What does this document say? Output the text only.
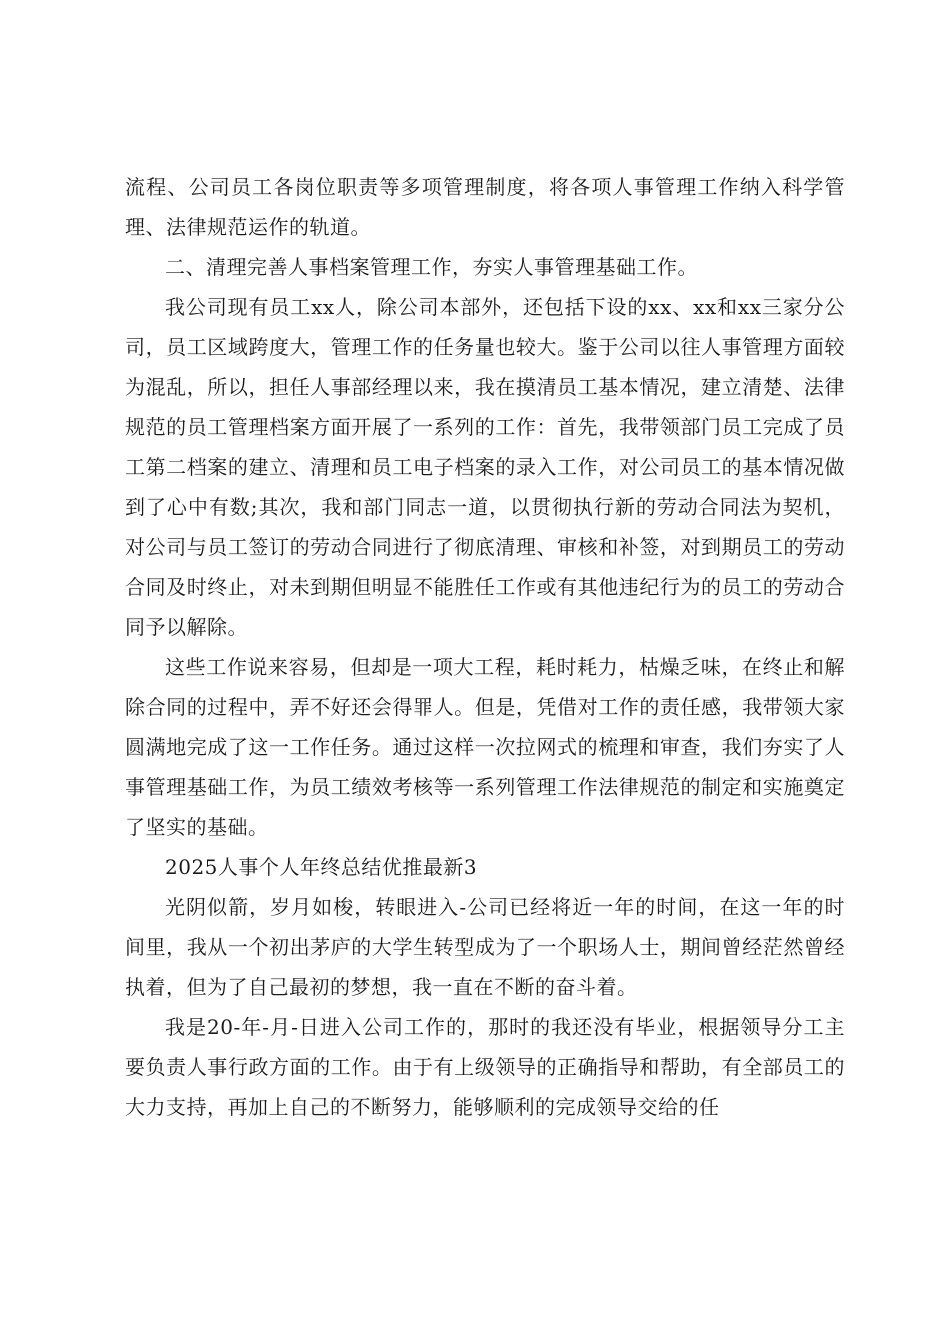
流程、公司员工各岗位职责等多项管理制度，将各项人事管理工作纳入科学管理、法律规范运作的轨道。

二、清理完善人事档案管理工作，夯实人事管理基础工作。

我公司现有员工xx人，除公司本部外，还包括下设的xx、xx和xx三家分公司，员工区域跨度大，管理工作的任务量也较大。鉴于公司以往人事管理方面较为混乱，所以，担任人事部经理以来，我在摸清员工基本情况，建立清楚、法律规范的员工管理档案方面开展了一系列的工作：首先，我带领部门员工完成了员工第二档案的建立、清理和员工电子档案的录入工作，对公司员工的基本情况做到了心中有数;其次，我和部门同志一道，以贯彻执行新的劳动合同法为契机，对公司与员工签订的劳动合同进行了彻底清理、审核和补签，对到期员工的劳动合同及时终止，对未到期但明显不能胜任工作或有其他违纪行为的员工的劳动合同予以解除。

这些工作说来容易，但却是一项大工程，耗时耗力，枯燥乏味，在终止和解除合同的过程中，弄不好还会得罪人。但是，凭借对工作的责任感，我带领大家圆满地完成了这一工作任务。通过这样一次拉网式的梳理和审查，我们夯实了人事管理基础工作，为员工绩效考核等一系列管理工作法律规范的制定和实施奠定了坚实的基础。

2025人事个人年终总结优推最新3

光阴似箭，岁月如梭，转眼进入-公司已经将近一年的时间，在这一年的时间里，我从一个初出茅庐的大学生转型成为了一个职场人士，期间曾经茫然曾经执着，但为了自己最初的梦想，我一直在不断的奋斗着。

我是20-年-月-日进入公司工作的，那时的我还没有毕业，根据领导分工主要负责人事行政方面的工作。由于有上级领导的正确指导和帮助，有全部员工的大力支持，再加上自己的不断努力，能够顺利的完成领导交给的任
